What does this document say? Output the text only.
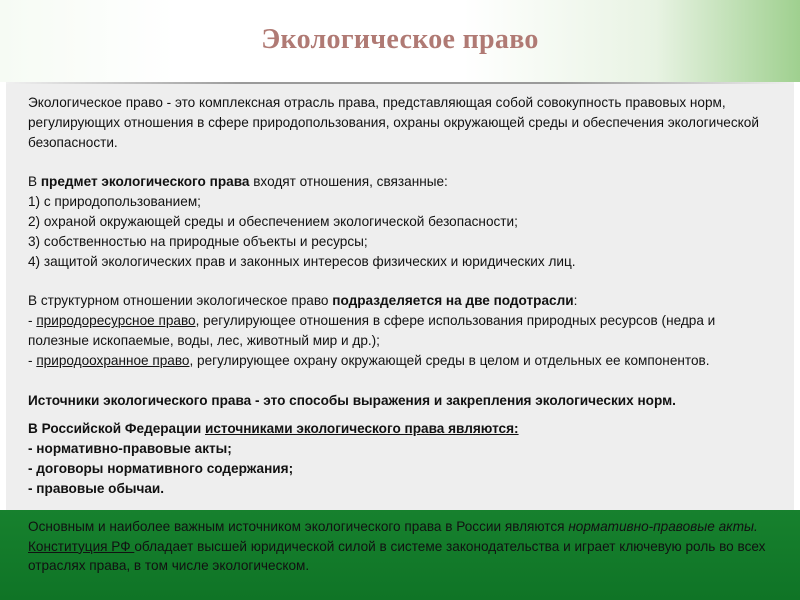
Экологическое право

Экологическое право - это комплексная отрасль права, представляющая собой совокупность правовых норм, регулирующих отношения в сфере природопользования, охраны окружающей среды и обеспечения экологической безопасности.

В предмет экологического права входят отношения, связанные:

1) с природопользованием;

2) охраной окружающей среды и обеспечением экологической безопасности;

3) собственностью на природные объекты и ресурсы;

4) защитой экологических прав и законных интересов физических и юридических лиц.

В структурном отношении экологическое право подразделяется на две подотрасли:

- природоресурсное право, регулирующее отношения в сфере использования природных ресурсов (недра и полезные ископаемые, воды, лес, животный мир и др.);

- природоохранное право, регулирующее охрану окружающей среды в целом и отдельных ее компонентов.

Источники экологического права - это способы выражения и закрепления экологических норм.

В Российской Федерации источниками экологического права являются:

- нормативно-правовые акты;

- договоры нормативного содержания;

- правовые обычаи.

Основным и наиболее важным источником экологического права в России являются нормативно-правовые акты. Конституция РФ обладает высшей юридической силой в системе законодательства и играет ключевую роль во всех отраслях права, в том числе экологическом.
